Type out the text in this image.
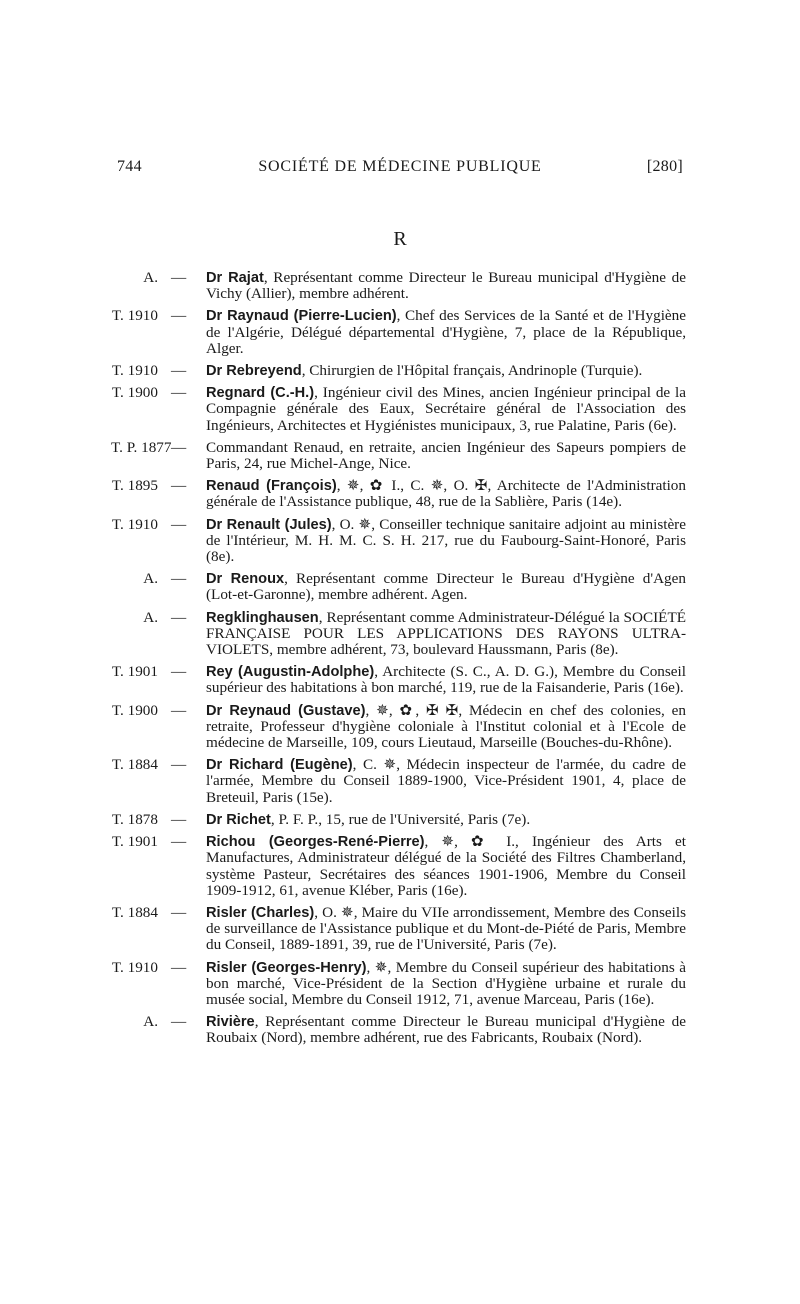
744	SOCIÉTÉ DE MÉDECINE PUBLIQUE	[280]
R
A. — Dr Rajat, Représentant comme Directeur le Bureau municipal d'Hygiène de Vichy (Allier), membre adhérent.
T. 1910 — Dr Raynaud (Pierre-Lucien), Chef des Services de la Santé et de l'Hygiène de l'Algérie, Délégué départemental d'Hygiène, 7, place de la République, Alger.
T. 1910 — Dr Rebreyend, Chirurgien de l'Hôpital français, Andrinople (Turquie).
T. 1900 — Regnard (C.-H.), Ingénieur civil des Mines, ancien Ingénieur principal de la Compagnie générale des Eaux, Secrétaire général de l'Association des Ingénieurs, Architectes et Hygiénistes municipaux, 3, rue Palatine, Paris (6e).
T. P. 1877 — Commandant Renaud, en retraite, ancien Ingénieur des Sapeurs pompiers de Paris, 24, rue Michel-Ange, Nice.
T. 1895 — Renaud (François), ✵, ✿ I., C. ✵, O. ✠, Architecte de l'Administration générale de l'Assistance publique, 48, rue de la Sablière, Paris (14e).
T. 1910 — Dr Renault (Jules), O. ✵, Conseiller technique sanitaire adjoint au ministère de l'Intérieur, M. H. M. C. S. H. 217, rue du Faubourg-Saint-Honoré, Paris (8e).
A. — Dr Renoux, Représentant comme Directeur le Bureau d'Hygiène d'Agen (Lot-et-Garonne), membre adhérent. Agen.
A. — Regklinghausen, Représentant comme Administrateur-Délégué la SOCIÉTÉ FRANÇAISE POUR LES APPLICATIONS DES RAYONS ULTRA-VIOLETS, membre adhérent, 73, boulevard Haussmann, Paris (8e).
T. 1901 — Rey (Augustin-Adolphe), Architecte (S. C., A. D. G.), Membre du Conseil supérieur des habitations à bon marché, 119, rue de la Faisanderie, Paris (16e).
T. 1900 — Dr Reynaud (Gustave), ✵, ✿, ✠ ✠, Médecin en chef des colonies, en retraite, Professeur d'hygiène coloniale à l'Institut colonial et à l'Ecole de médecine de Marseille, 109, cours Lieutaud, Marseille (Bouches-du-Rhône).
T. 1884 — Dr Richard (Eugène), C. ✵, Médecin inspecteur de l'armée, du cadre de l'armée, Membre du Conseil 1889-1900, Vice-Président 1901, 4, place de Breteuil, Paris (15e).
T. 1878 — Dr Richet, P. F. P., 15, rue de l'Université, Paris (7e).
T. 1901 — Richou (Georges-René-Pierre), ✵, ✿ I., Ingénieur des Arts et Manufactures, Administrateur délégué de la Société des Filtres Chamberland, système Pasteur, Secrétaires des séances 1901-1906, Membre du Conseil 1909-1912, 61, avenue Kléber, Paris (16e).
T. 1884 — Risler (Charles), O. ✵, Maire du VIIe arrondissement, Membre des Conseils de surveillance de l'Assistance publique et du Mont-de-Piété de Paris, Membre du Conseil, 1889-1891, 39, rue de l'Université, Paris (7e).
T. 1910 — Risler (Georges-Henry), ✵, Membre du Conseil supérieur des habitations à bon marché, Vice-Président de la Section d'Hygiène urbaine et rurale du musée social, Membre du Conseil 1912, 71, avenue Marceau, Paris (16e).
A. — Rivière, Représentant comme Directeur le Bureau municipal d'Hygiène de Roubaix (Nord), membre adhérent, rue des Fabricants, Roubaix (Nord).
